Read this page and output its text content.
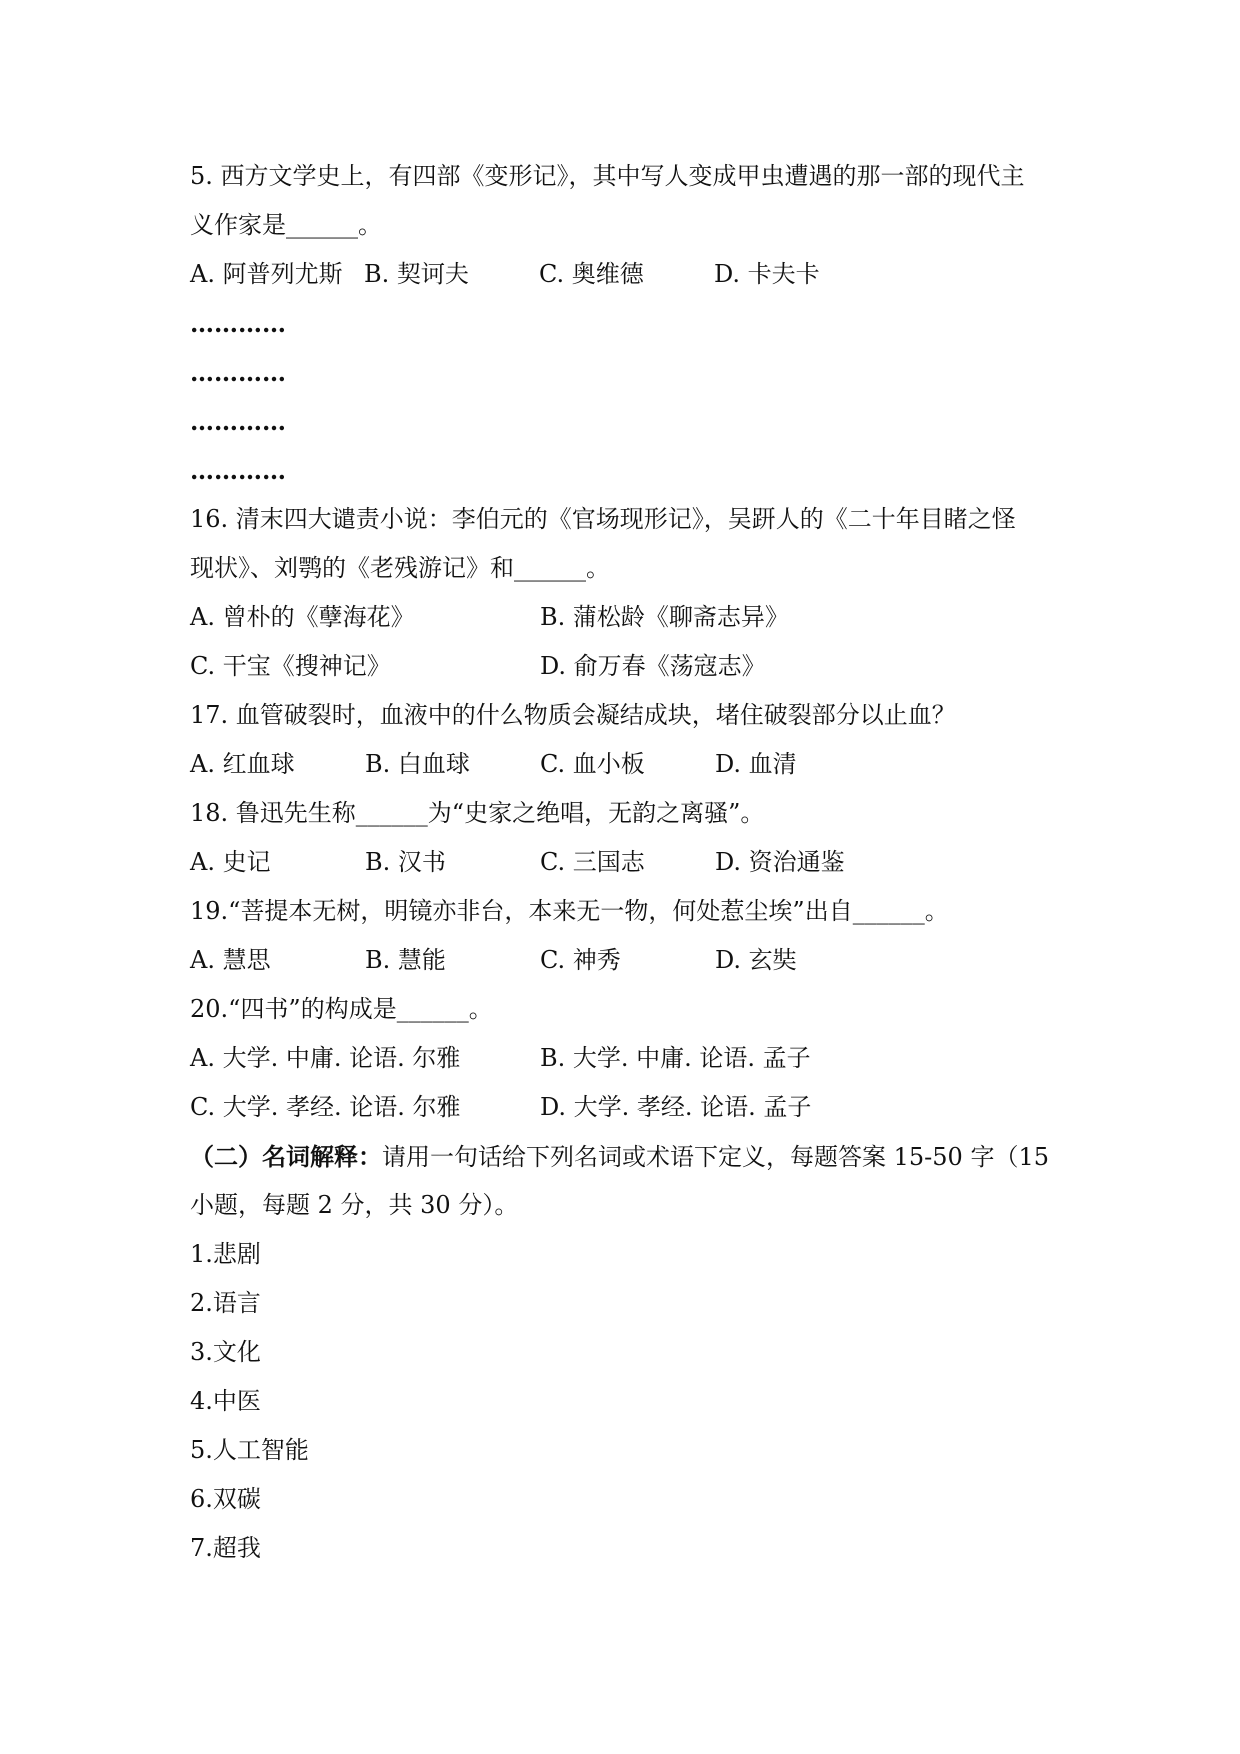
5. 西方文学史上，有四部《变形记》，其中写人变成甲虫遭遇的那一部的现代主
义作家是______。
A. 阿普列尤斯 B. 契诃夫	C. 奥维德	D. 卡夫卡
…………
…………
…………
…………
16. 清末四大谴责小说：李伯元的《官场现形记》，吴趼人的《二十年目睹之怪
现状》、刘鹗的《老残游记》和______。
A. 曾朴的《孽海花》	B. 蒲松龄《聊斋志异》
C. 干宝《搜神记》	D. 俞万春《荡寇志》
17. 血管破裂时，血液中的什么物质会凝结成块，堵住破裂部分以止血？
A. 红血球	B. 白血球	C. 血小板	D. 血清
18. 鲁迅先生称______为“史家之绝唱，无韵之离骚”。
A. 史记	B. 汉书	C. 三国志	D. 资治通鉴
19.“菩提本无树，明镜亦非台，本来无一物，何处惹尘埃”出自______。
A. 慧思	B. 慧能	C. 神秀	D. 玄奘
20.“四书”的构成是______。
A. 大学. 中庸. 论语. 尔雅	B. 大学. 中庸. 论语. 孟子
C. 大学. 孝经. 论语. 尔雅	D. 大学. 孝经. 论语. 孟子
（二）名词解释：请用一句话给下列名词或术语下定义，每题答案 15-50 字（15
小题，每题 2 分，共 30 分）。
1.悲剧
2.语言
3.文化
4.中医
5.人工智能
6.双碳
7.超我
